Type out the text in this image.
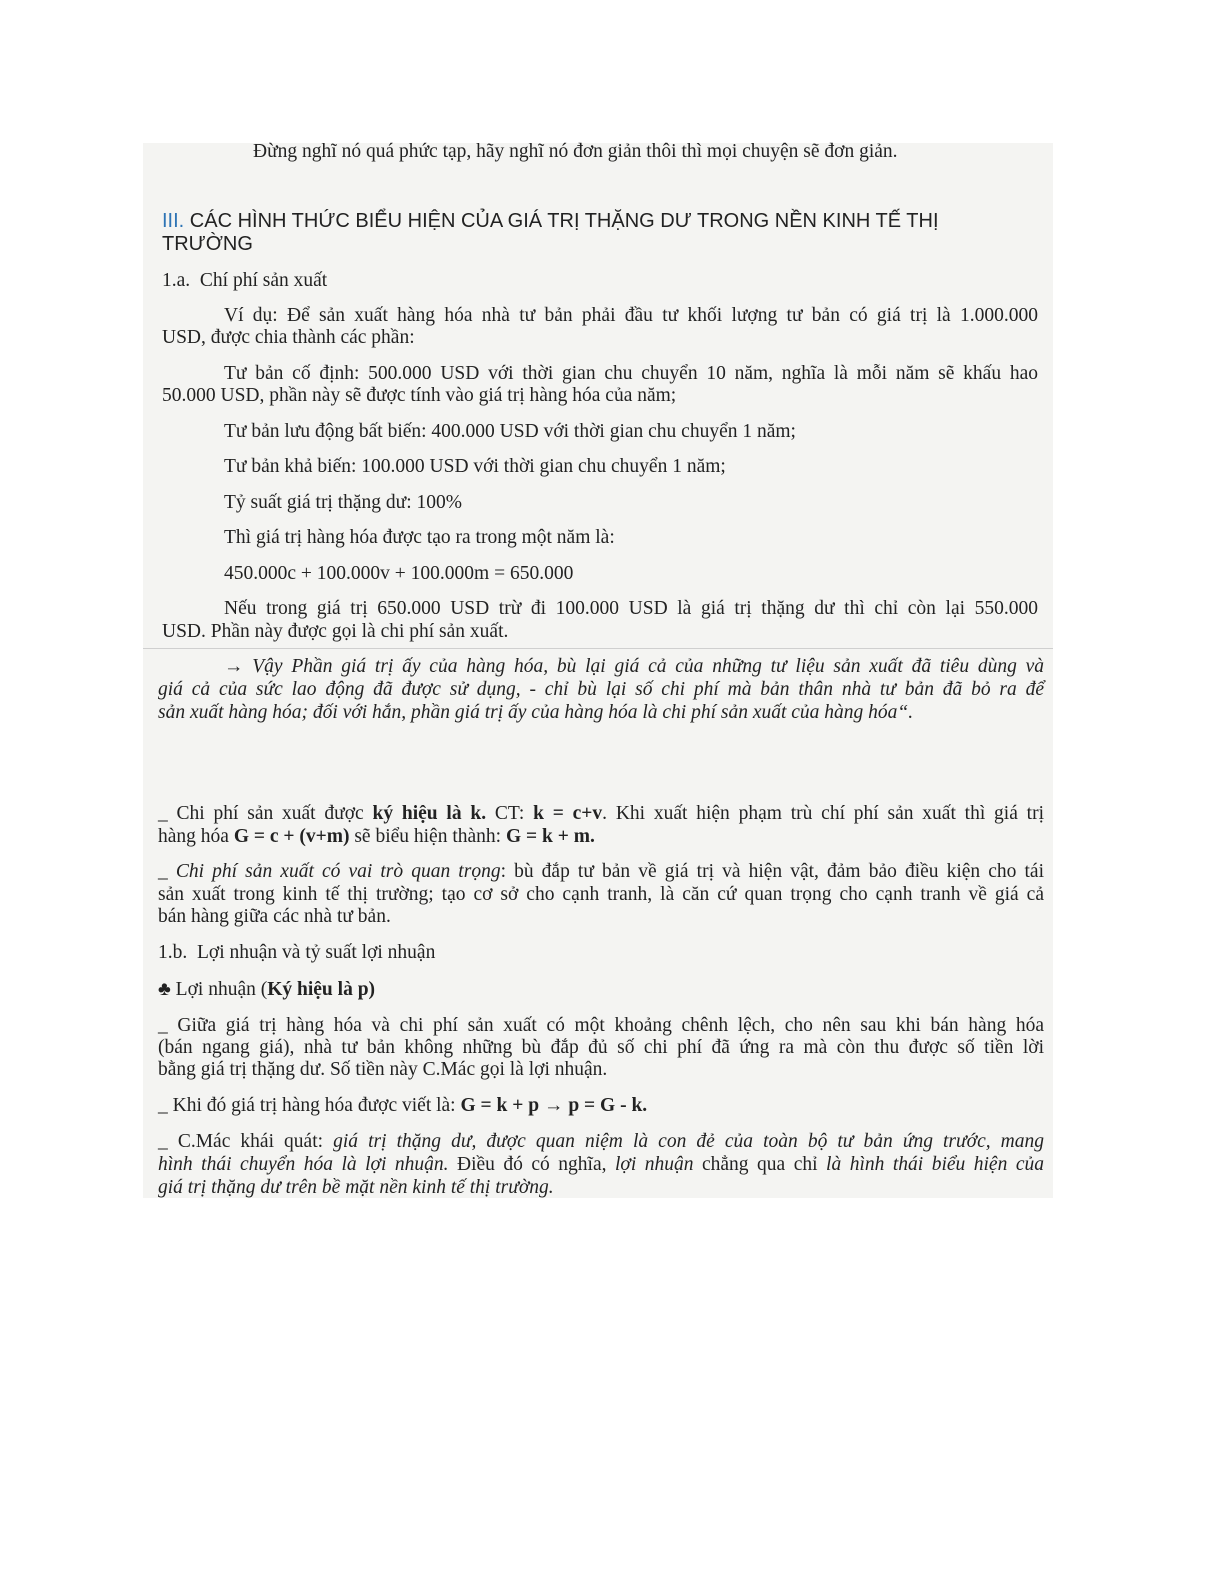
Đừng nghĩ nó quá phức tạp, hãy nghĩ nó đơn giản thôi thì mọi chuyện sẽ đơn giản.
III. CÁC HÌNH THỨC BIỂU HIỆN CỦA GIÁ TRỊ THẶNG DƯ TRONG NỀN KINH TẾ THỊ
TRƯỜNG
1.a. Chí phí sản xuất
Ví dụ: Để sản xuất hàng hóa nhà tư bản phải đầu tư khối lượng tư bản có giá trị là 1.000.000
USD, được chia thành các phần:
Tư bản cố định: 500.000 USD với thời gian chu chuyển 10 năm, nghĩa là mỗi năm sẽ khấu hao
50.000 USD, phần này sẽ được tính vào giá trị hàng hóa của năm;
Tư bản lưu động bất biến: 400.000 USD với thời gian chu chuyển 1 năm;
Tư bản khả biến: 100.000 USD với thời gian chu chuyển 1 năm;
Tỷ suất giá trị thặng dư: 100%
Thì giá trị hàng hóa được tạo ra trong một năm là:
450.000c + 100.000v + 100.000m = 650.000
Nếu trong giá trị 650.000 USD trừ đi 100.000 USD là giá trị thặng dư thì chỉ còn lại 550.000
USD. Phần này được gọi là chi phí sản xuất.
→ Vậy Phần giá trị ấy của hàng hóa, bù lại giá cả của những tư liệu sản xuất đã tiêu dùng và
giá cả của sức lao động đã được sử dụng, - chỉ bù lại số chi phí mà bản thân nhà tư bản đã bỏ ra để
sản xuất hàng hóa; đối với hắn, phần giá trị ấy của hàng hóa là chi phí sản xuất của hàng hóa“.
_ Chi phí sản xuất được ký hiệu là k. CT: k = c+v. Khi xuất hiện phạm trù chí phí sản xuất thì giá trị
hàng hóa G = c + (v+m) sẽ biểu hiện thành: G = k + m.
_ Chi phí sản xuất có vai trò quan trọng: bù đắp tư bản về giá trị và hiện vật, đảm bảo điều kiện cho tái
sản xuất trong kinh tế thị trường; tạo cơ sở cho cạnh tranh, là căn cứ quan trọng cho cạnh tranh về giá cả
bán hàng giữa các nhà tư bản.
1.b. Lợi nhuận và tỷ suất lợi nhuận
♣ Lợi nhuận (Ký hiệu là p)
_ Giữa giá trị hàng hóa và chi phí sản xuất có một khoảng chênh lệch, cho nên sau khi bán hàng hóa
(bán ngang giá), nhà tư bản không những bù đắp đủ số chi phí đã ứng ra mà còn thu được số tiền lời
bằng giá trị thặng dư. Số tiền này C.Mác gọi là lợi nhuận.
_ Khi đó giá trị hàng hóa được viết là: G = k + p → p = G - k.
_ C.Mác khái quát: giá trị thặng dư, được quan niệm là con đẻ của toàn bộ tư bản ứng trước, mang
hình thái chuyển hóa là lợi nhuận. Điều đó có nghĩa, lợi nhuận chẳng qua chỉ là hình thái biểu hiện của
giá trị thặng dư trên bề mặt nền kinh tế thị trường.
